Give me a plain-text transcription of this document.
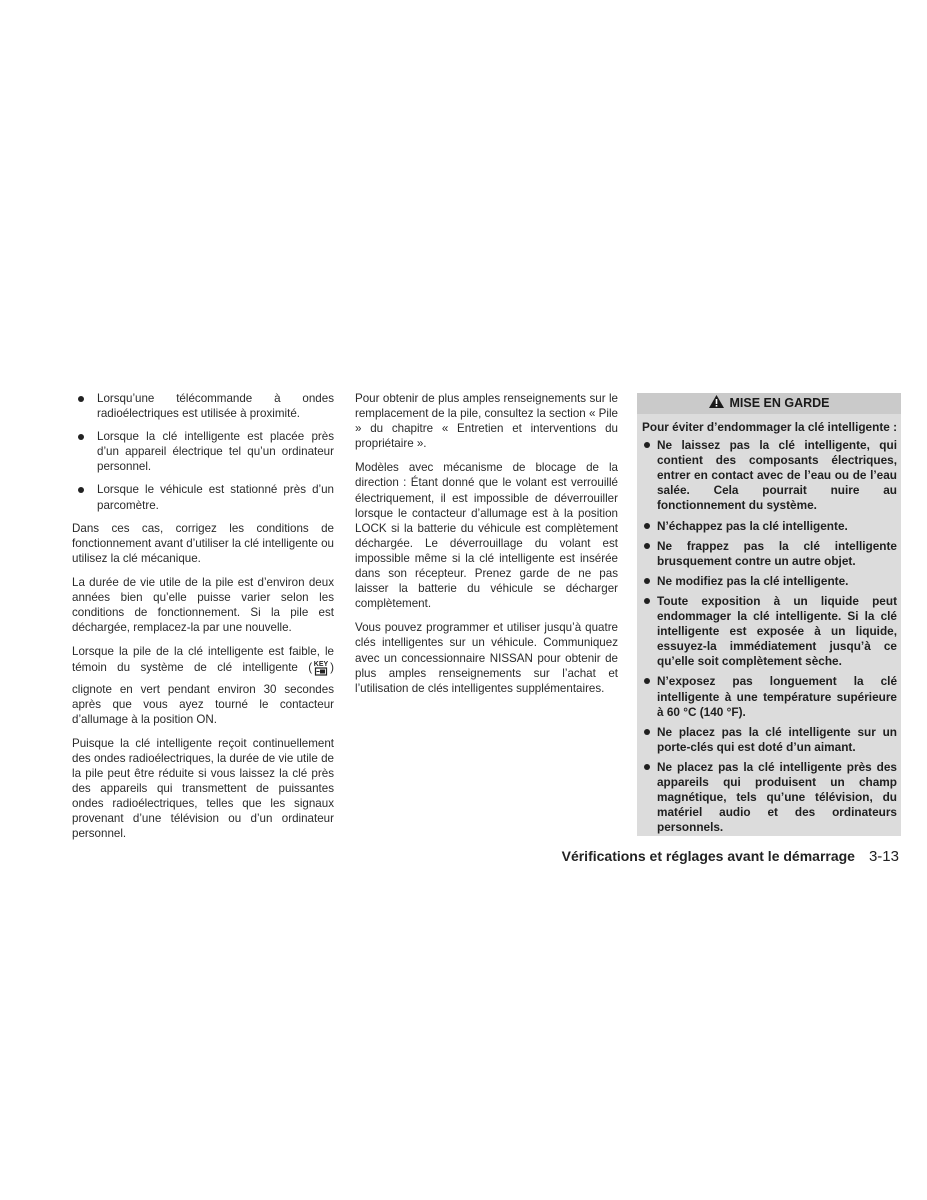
Lorsqu’une télécommande à ondes radioélectriques est utilisée à proximité.
Lorsque la clé intelligente est placée près d’un appareil électrique tel qu’un ordinateur personnel.
Lorsque le véhicule est stationné près d’un parcomètre.

Dans ces cas, corrigez les conditions de fonctionnement avant d’utiliser la clé intelligente ou utilisez la clé mécanique.

La durée de vie utile de la pile est d’environ deux années bien qu’elle puisse varier selon les conditions de fonctionnement. Si la pile est déchargée, remplacez-la par une nouvelle.

Lorsque la pile de la clé intelligente est faible, le témoin du système de clé intelligente ( KEY ) clignote en vert pendant environ 30 secondes après que vous ayez tourné le contacteur d’allumage à la position ON.

Puisque la clé intelligente reçoit continuellement des ondes radioélectriques, la durée de vie utile de la pile peut être réduite si vous laissez la clé près des appareils qui transmettent de puissantes ondes radioélectriques, telles que les signaux provenant d’une télévision ou d’un ordinateur personnel.

Pour obtenir de plus amples renseignements sur le remplacement de la pile, consultez la section « Pile » du chapitre « Entretien et interventions du propriétaire ».

Modèles avec mécanisme de blocage de la direction : Étant donné que le volant est verrouillé électriquement, il est impossible de déverrouiller lorsque le contacteur d’allumage est à la position LOCK si la batterie du véhicule est complètement déchargée. Le déverrouillage du volant est impossible même si la clé intelligente est insérée dans son récepteur. Prenez garde de ne pas laisser la batterie du véhicule se décharger complètement.

Vous pouvez programmer et utiliser jusqu’à quatre clés intelligentes sur un véhicule. Communiquez avec un concessionnaire NISSAN pour obtenir de plus amples renseignements sur l’achat et l’utilisation de clés intelligentes supplémentaires.

MISE EN GARDE

Pour éviter d’endommager la clé intelligente :

Ne laissez pas la clé intelligente, qui contient des composants électriques, entrer en contact avec de l’eau ou de l’eau salée. Cela pourrait nuire au fonctionnement du système.
N’échappez pas la clé intelligente.
Ne frappez pas la clé intelligente brusquement contre un autre objet.
Ne modifiez pas la clé intelligente.
Toute exposition à un liquide peut endommager la clé intelligente. Si la clé intelligente est exposée à un liquide, essuyez-la immédiatement jusqu’à ce qu’elle soit complètement sèche.
N’exposez pas longuement la clé intelligente à une température supérieure à 60 °C (140 °F).
Ne placez pas la clé intelligente sur un porte-clés qui est doté d’un aimant.
Ne placez pas la clé intelligente près des appareils qui produisent un champ magnétique, tels qu’une télévision, du matériel audio et des ordinateurs personnels.
Vérifications et réglages avant le démarrage 3-13
